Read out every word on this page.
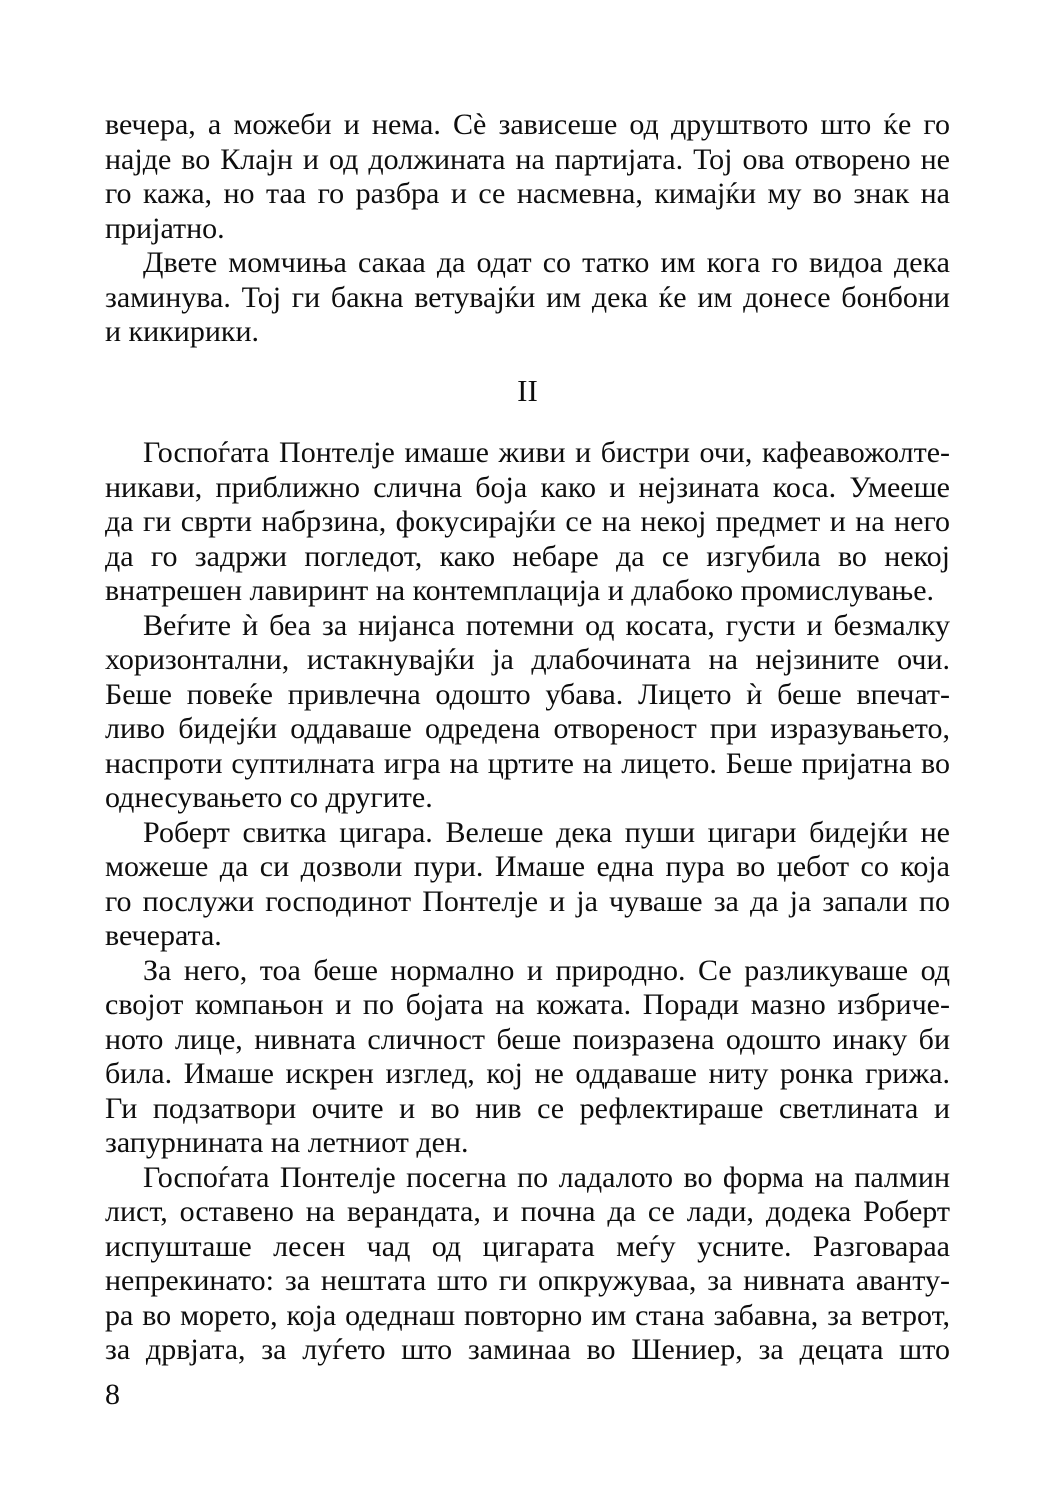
вечера, а можеби и нема. Сѐ зависеше од друштвото што ќе го
најде во Клајн и од должината на партијата. Тој ова отворено не
го кажа, но таа го разбра и се насмевна, кимајќи му во знак на
пријатно.
Двете момчиња сакаа да одат со татко им кога го видоа дека
заминува. Тој ги бакна ветувајќи им дека ќе им донесе бонбони
и кикирики.
II
Госпоѓата Понтелје имаше живи и бистри очи, кафеавожолте-
никави, приближно слична боја како и нејзината коса. Умееше
да ги сврти набрзина, фокусирајќи се на некој предмет и на него
да го задржи погледот, како небаре да се изгубила во некој
внатрешен лавиринт на контемплација и длабоко промислување.
Веѓите ѝ беа за нијанса потемни од косата, густи и безмалку
хоризонтални, истакнувајќи ја длабочината на нејзините очи.
Беше повеќе привлечна одошто убава. Лицето ѝ беше впечат-
ливо бидејќи оддаваше одредена отвореност при изразувањето,
наспроти суптилната игра на цртите на лицето. Беше пријатна во
однесувањето со другите.
Роберт свитка цигара. Велеше дека пуши цигари бидејќи не
можеше да си дозволи пури. Имаше една пура во џебот со која
го послужи господинот Понтелје и ја чуваше за да ја запали по
вечерата.
За него, тоа беше нормално и природно. Се разликуваше од
својот компањон и по бојата на кожата. Поради мазно избриче-
ното лице, нивната сличност беше поизразена одошто инаку би
била. Имаше искрен изглед, кој не оддаваше ниту ронка грижа.
Ги подзатвори очите и во нив се рефлектираше светлината и
запурнината на летниот ден.
Госпоѓата Понтелје посегна по ладалото во форма на палмин
лист, оставено на верандата, и почна да се лади, додека Роберт
испушташе лесен чад од цигарата меѓу усните. Разговараа
непрекинато: за нештата што ги опкружуваа, за нивната аванту-
ра во морето, која одеднаш повторно им стана забавна, за ветрот,
за дрвјата, за луѓето што заминаа во Шениер, за децата што
8
